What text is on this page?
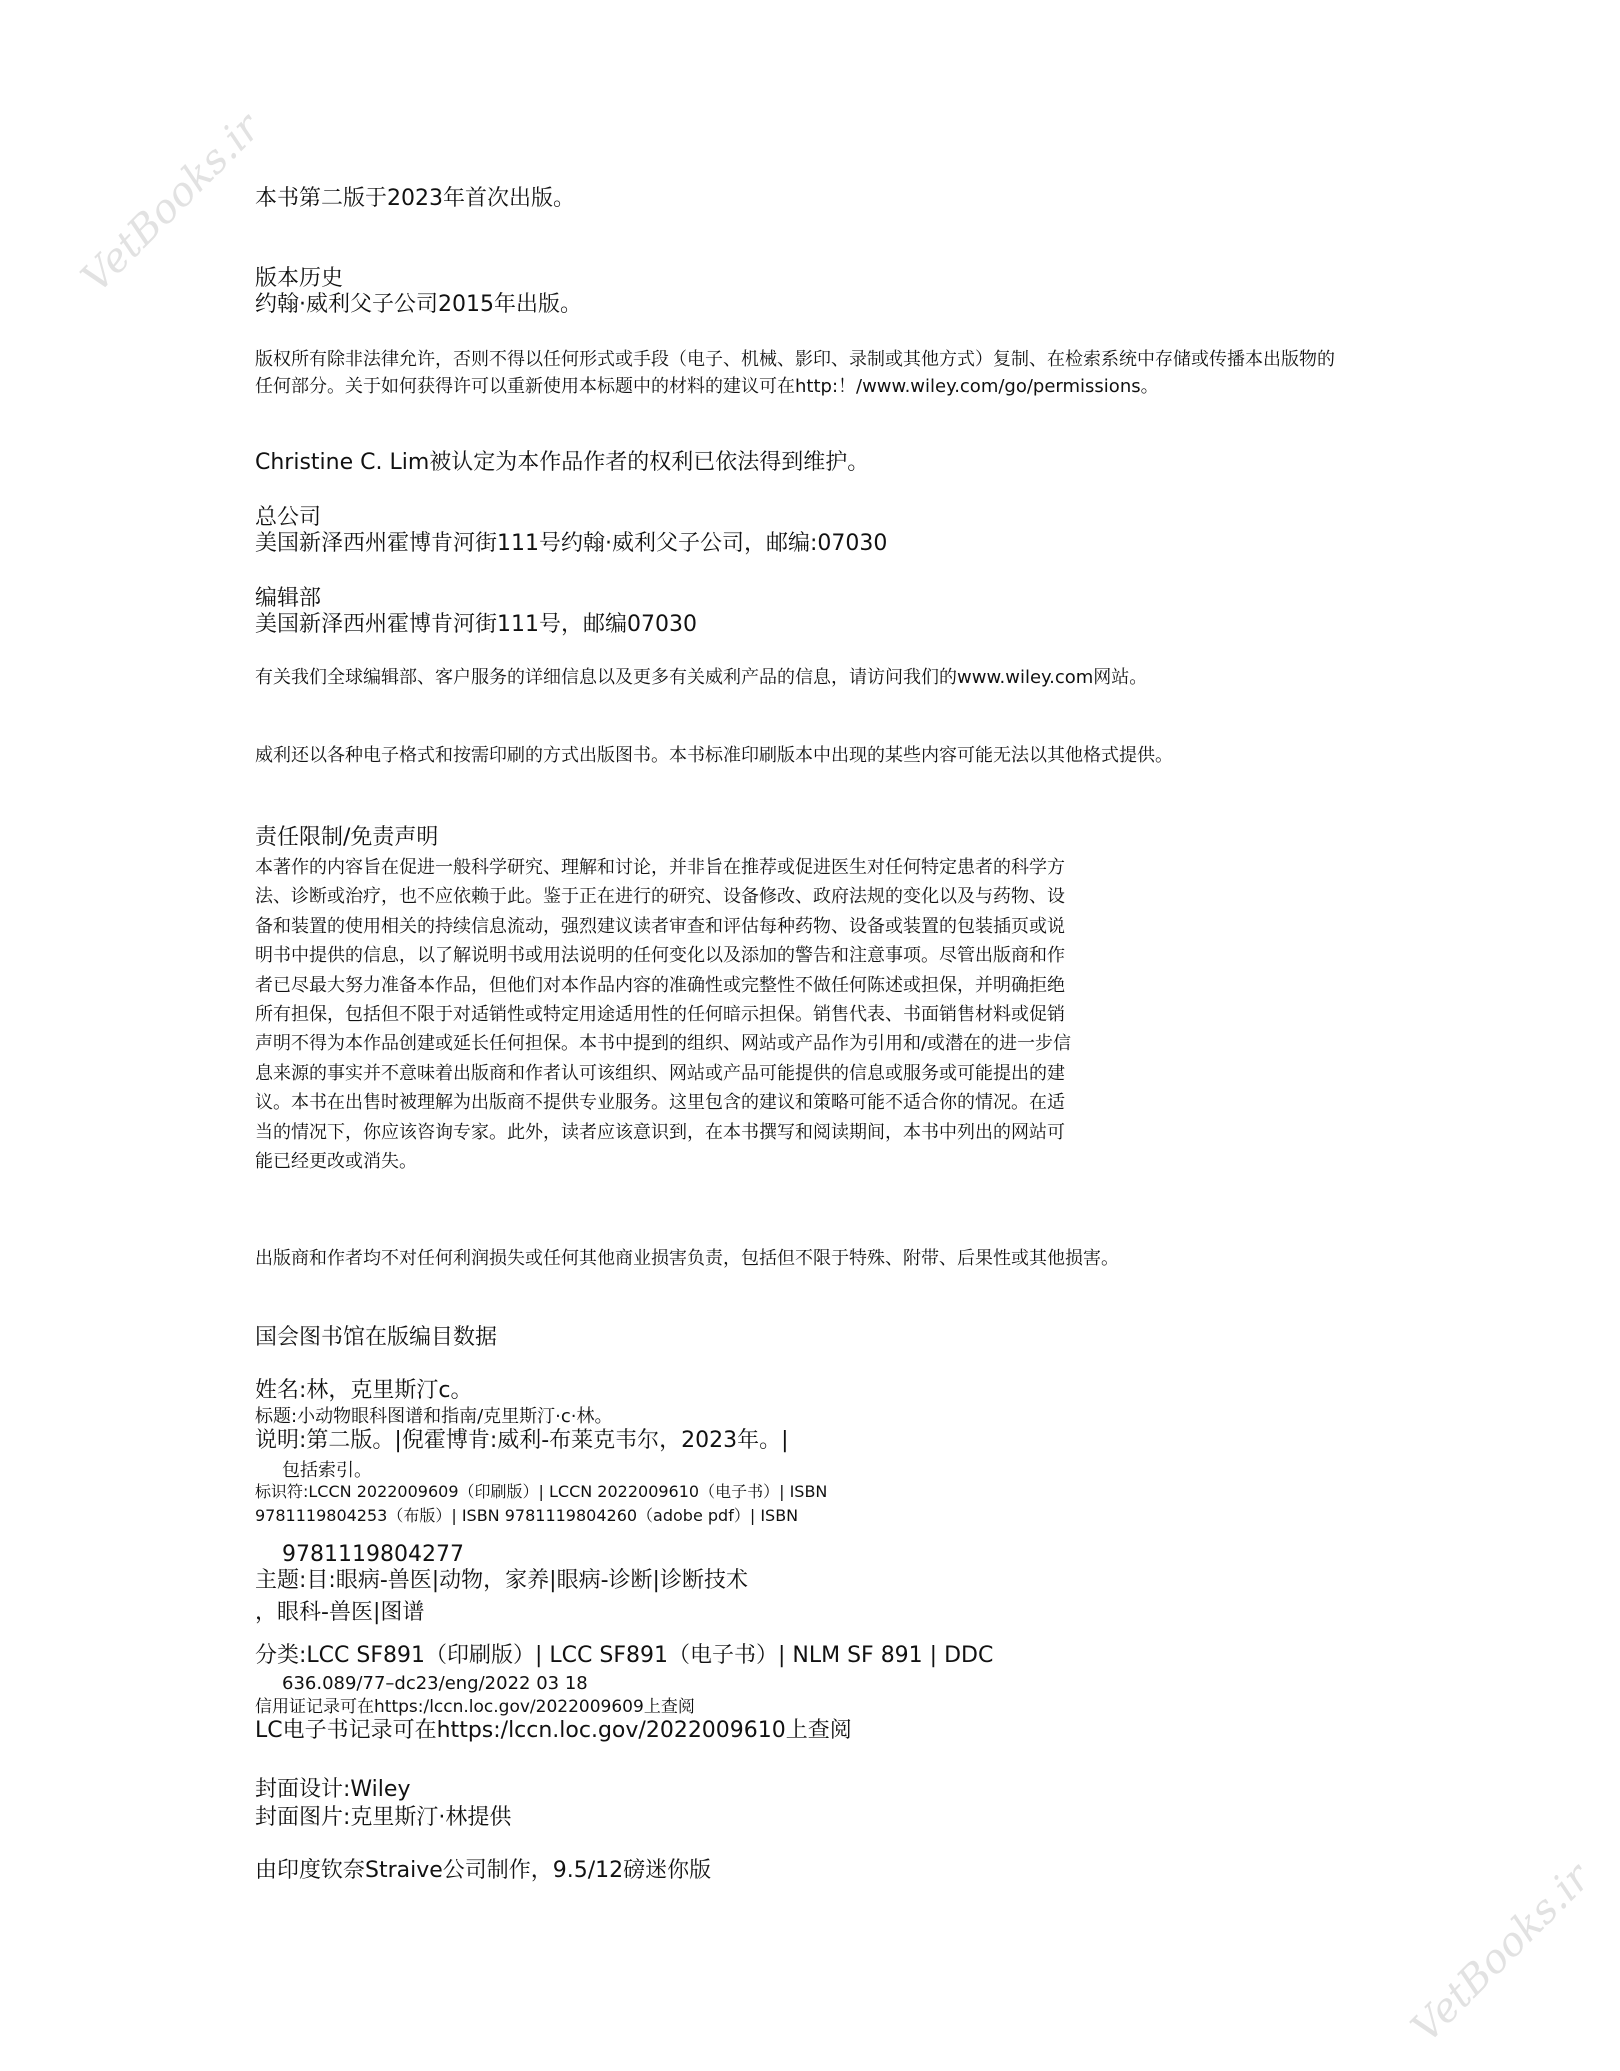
VetBooks.ir
VetBooks.ir
本书第二版于2023年首次出版。
版本历史
约翰·威利父子公司2015年出版。
版权所有除非法律允许，否则不得以任何形式或手段（电子、机械、影印、录制或其他方式）复制、在检索系统中存储或传播本出版物的任何部分。关于如何获得许可以重新使用本标题中的材料的建议可在http:！/www.wiley.com/go/permissions。
Christine C. Lim被认定为本作品作者的权利已依法得到维护。
总公司
美国新泽西州霍博肯河街111号约翰·威利父子公司，邮编:07030
编辑部
美国新泽西州霍博肯河街111号，邮编07030
有关我们全球编辑部、客户服务的详细信息以及更多有关威利产品的信息，请访问我们的www.wiley.com网站。
威利还以各种电子格式和按需印刷的方式出版图书。本书标准印刷版本中出现的某些内容可能无法以其他格式提供。
责任限制/免责声明

本著作的内容旨在促进一般科学研究、理解和讨论，并非旨在推荐或促进医生对任何特定患者的科学方

法、诊断或治疗，也不应依赖于此。鉴于正在进行的研究、设备修改、政府法规的变化以及与药物、设

备和装置的使用相关的持续信息流动，强烈建议读者审查和评估每种药物、设备或装置的包装插页或说

明书中提供的信息，以了解说明书或用法说明的任何变化以及添加的警告和注意事项。尽管出版商和作

者已尽最大努力准备本作品，但他们对本作品内容的准确性或完整性不做任何陈述或担保，并明确拒绝

所有担保，包括但不限于对适销性或特定用途适用性的任何暗示担保。销售代表、书面销售材料或促销

声明不得为本作品创建或延长任何担保。本书中提到的组织、网站或产品作为引用和/或潜在的进一步信

息来源的事实并不意味着出版商和作者认可该组织、网站或产品可能提供的信息或服务或可能提出的建

议。本书在出售时被理解为出版商不提供专业服务。这里包含的建议和策略可能不适合你的情况。在适

当的情况下，你应该咨询专家。此外，读者应该意识到，在本书撰写和阅读期间，本书中列出的网站可

能已经更改或消失。

出版商和作者均不对任何利润损失或任何其他商业损害负责，包括但不限于特殊、附带、后果性或其他损害。
国会图书馆在版编目数据
姓名:林，克里斯汀c。
标题:小动物眼科图谱和指南/克里斯汀·c·林。
说明:第二版。|倪霍博肯:威利-布莱克韦尔，2023年。|
包括索引。
标识符:LCCN 2022009609（印刷版）| LCCN 2022009610（电子书）| ISBN
9781119804253（布版）| ISBN 9781119804260（adobe pdf）| ISBN
9781119804277
主题:目:眼病-兽医|动物，家养|眼病-诊断|诊断技术
，眼科-兽医|图谱
分类:LCC SF891（印刷版）| LCC SF891（电子书）| NLM SF 891 | DDC
636.089/77–dc23/eng/2022 03 18
信用证记录可在https:/lccn.loc.gov/2022009609上查阅
LC电子书记录可在https:/lccn.loc.gov/2022009610上查阅
封面设计:Wiley
封面图片:克里斯汀·林提供
由印度钦奈Straive公司制作，9.5/12磅迷你版
